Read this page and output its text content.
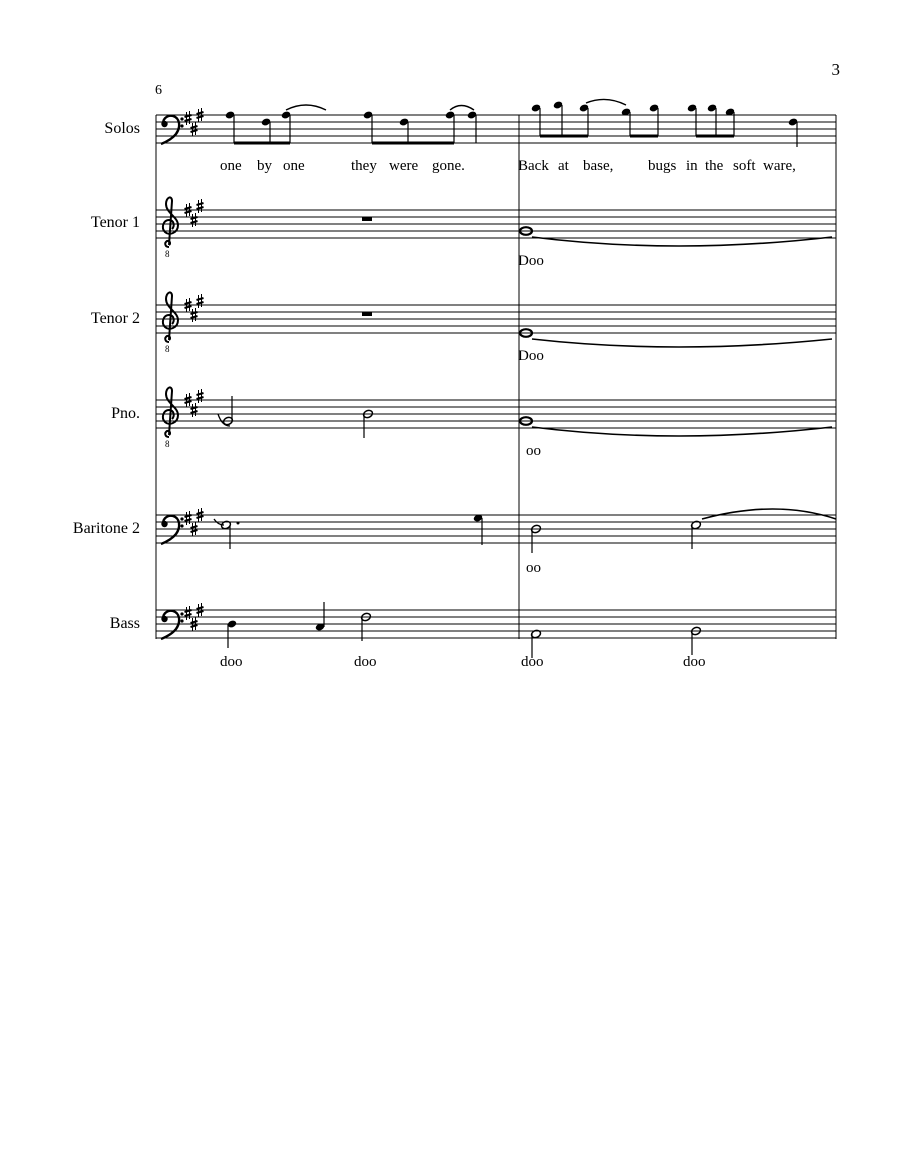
8
3
6
Solos
Tenor 1
Tenor 2
Pno.
Baritone 2
Bass
one by one	they were gone.	Back at base, bugs in the soft ware,
Doo
Doo
oo
oo
doo	doo	doo	doo
